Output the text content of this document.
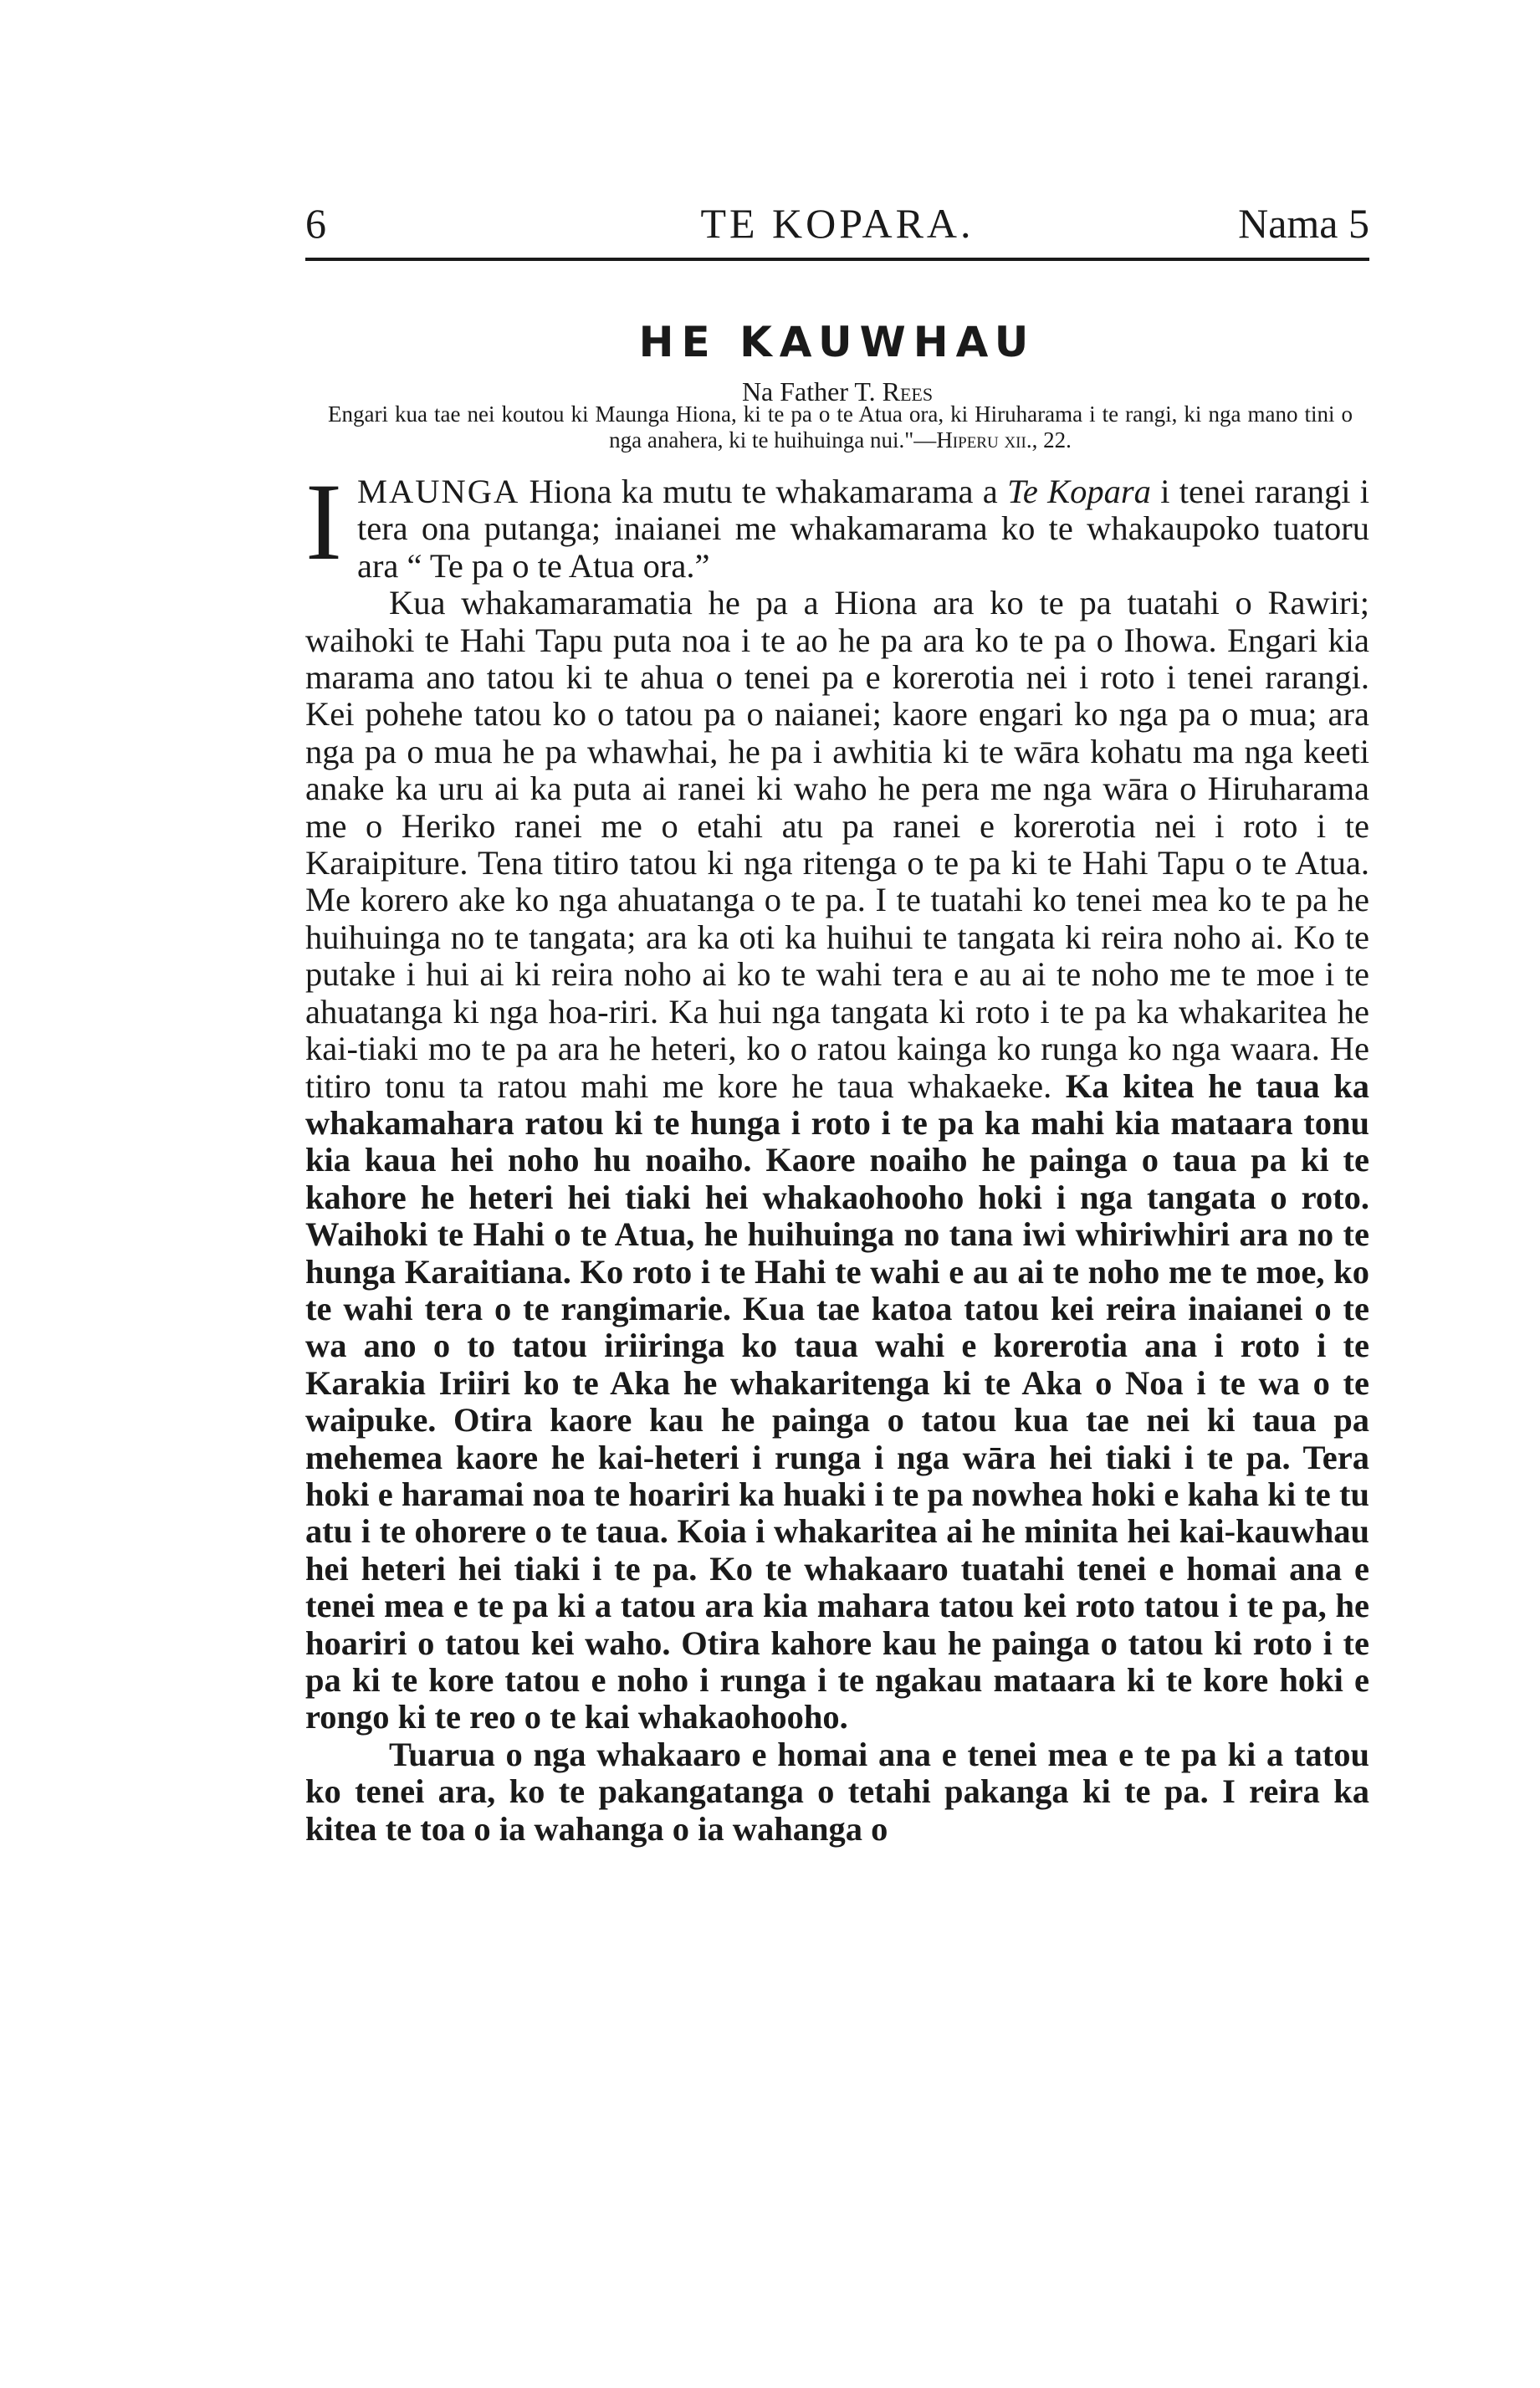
6	TE KOPARA.	Nama 5
HE KAUWHAU
Na Father T. Rees
Engari kua tae nei koutou ki Maunga Hiona, ki te pa o te Atua ora, ki Hiruharama i te rangi, ki nga mano tini o nga anahera, ki te huihuinga nui."—Hiperu xii., 22.

IMAUNGA Hiona ka mutu te whakamarama a Te Kopara i tenei rarangi i tera ona putanga; inaianei me whakamarama ko te whakaupoko tuatoru ara “ Te pa o te Atua ora.”

Kua whakamaramatia he pa a Hiona ara ko te pa tuatahi o Rawiri; waihoki te Hahi Tapu puta noa i te ao he pa ara ko te pa o Ihowa. Engari kia marama ano tatou ki te ahua o tenei pa e korerotia nei i roto i tenei rarangi. Kei pohehe tatou ko o tatou pa o naianei; kaore engari ko nga pa o mua; ara nga pa o mua he pa whawhai, he pa i awhitia ki te wāra kohatu ma nga keeti anake ka uru ai ka puta ai ranei ki waho he pera me nga wāra o Hiruharama me o Heriko ranei me o etahi atu pa ranei e korerotia nei i roto i te Karaipiture. Tena titiro tatou ki nga ritenga o te pa ki te Hahi Tapu o te Atua. Me korero ake ko nga ahuatanga o te pa. I te tuatahi ko tenei mea ko te pa he huihuinga no te tangata; ara ka oti ka huihui te tangata ki reira noho ai. Ko te putake i hui ai ki reira noho ai ko te wahi tera e au ai te noho me te moe i te ahuatanga ki nga hoa-riri. Ka hui nga tangata ki roto i te pa ka whakaritea he kai-tiaki mo te pa ara he heteri, ko o ratou kainga ko runga ko nga waara. He titiro tonu ta ratou mahi me kore he taua whakaeke. Ka kitea he taua ka whakamahara ratou ki te hunga i roto i te pa ka mahi kia mataara tonu kia kaua hei noho hu noaiho. Kaore noaiho he painga o taua pa ki te kahore he heteri hei tiaki hei whakaohooho hoki i nga tangata o roto. Waihoki te Hahi o te Atua, he huihuinga no tana iwi whiriwhiri ara no te hunga Karaitiana. Ko roto i te Hahi te wahi e au ai te noho me te moe, ko te wahi tera o te rangimarie. Kua tae katoa tatou kei reira inaianei o te wa ano o to tatou iriiringa ko taua wahi e korerotia ana i roto i te Karakia Iriiri ko te Aka he whakaritenga ki te Aka o Noa i te wa o te waipuke. Otira kaore kau he painga o tatou kua tae nei ki taua pa mehemea kaore he kai-heteri i runga i nga wāra hei tiaki i te pa. Tera hoki e haramai noa te hoariri ka huaki i te pa nowhea hoki e kaha ki te tu atu i te ohorere o te taua. Koia i whakaritea ai he minita hei kai-kauwhau hei heteri hei tiaki i te pa. Ko te whakaaro tuatahi tenei e homai ana e tenei mea e te pa ki a tatou ara kia mahara tatou kei roto tatou i te pa, he hoariri o tatou kei waho. Otira kahore kau he painga o tatou ki roto i te pa ki te kore tatou e noho i runga i te ngakau mataara ki te kore hoki e rongo ki te reo o te kai whakaohooho.

Tuarua o nga whakaaro e homai ana e tenei mea e te pa ki a tatou ko tenei ara, ko te pakangatanga o tetahi pakanga ki te pa. I reira ka kitea te toa o ia wahanga o ia wahanga o
